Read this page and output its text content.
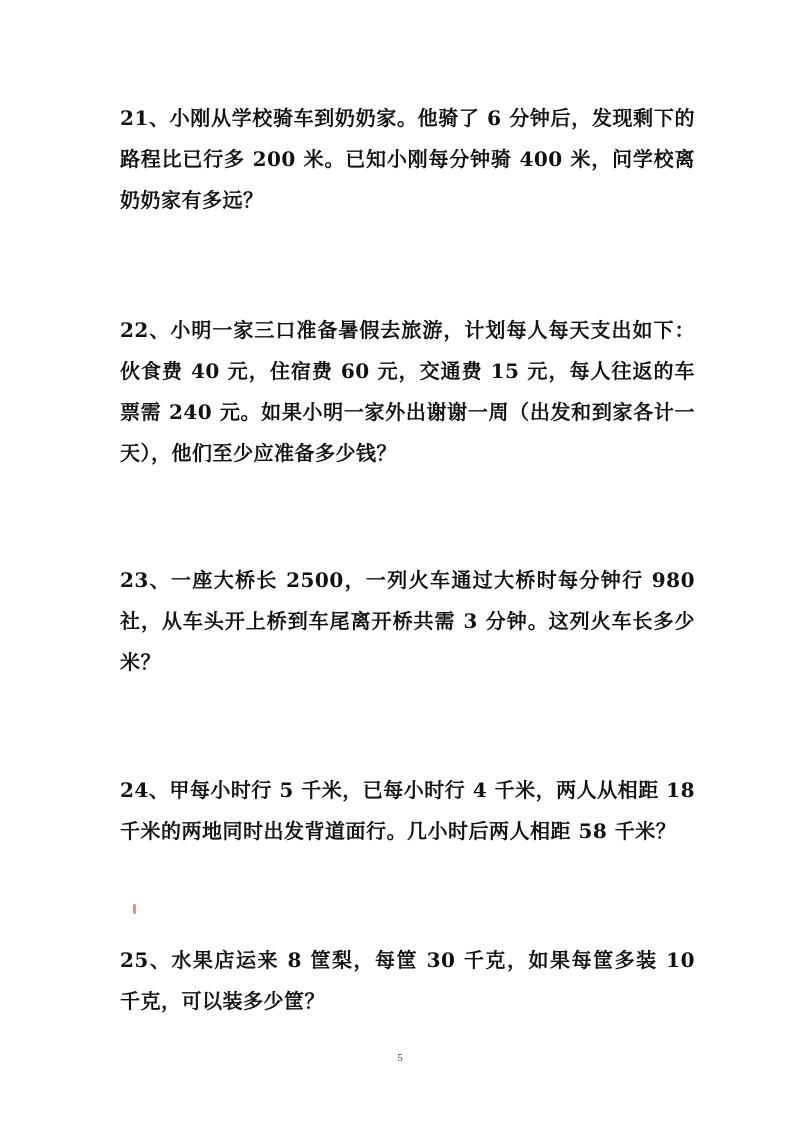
21、小刚从学校骑车到奶奶家。他骑了 6 分钟后，发现剩下的路程比已行多 200 米。已知小刚每分钟骑 400 米，问学校离奶奶家有多远？
22、小明一家三口准备暑假去旅游，计划每人每天支出如下：伙食费 40 元，住宿费 60 元，交通费 15 元，每人往返的车票需 240 元。如果小明一家外出谢谢一周（出发和到家各计一天），他们至少应准备多少钱？
23、一座大桥长 2500，一列火车通过大桥时每分钟行 980 社，从车头开上桥到车尾离开桥共需 3 分钟。这列火车长多少米？
24、甲每小时行 5 千米，已每小时行 4 千米，两人从相距 18 千米的两地同时出发背道面行。几小时后两人相距 58 千米？
25、水果店运来 8 筐梨，每筐 30 千克，如果每筐多装 10 千克，可以装多少筐？
5
